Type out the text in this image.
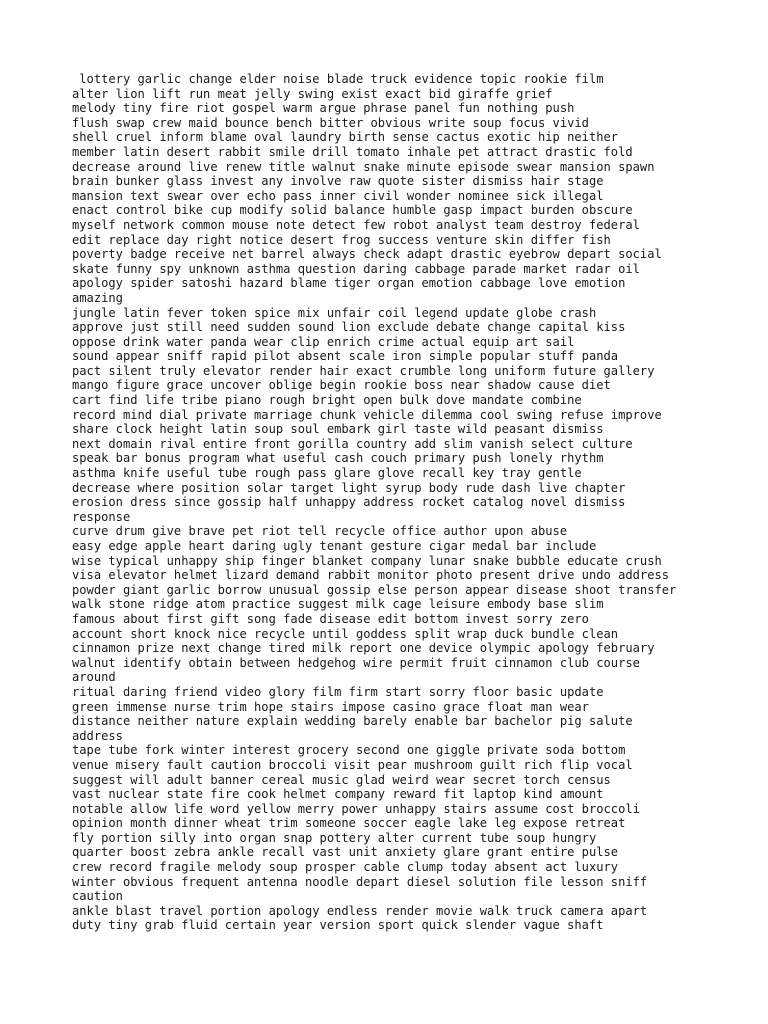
lottery garlic change elder noise blade truck evidence topic rookie film
alter lion lift run meat jelly swing exist exact bid giraffe grief
melody tiny fire riot gospel warm argue phrase panel fun nothing push
flush swap crew maid bounce bench bitter obvious write soup focus vivid
shell cruel inform blame oval laundry birth sense cactus exotic hip neither
member latin desert rabbit smile drill tomato inhale pet attract drastic fold
decrease around live renew title walnut snake minute episode swear mansion spawn
brain bunker glass invest any involve raw quote sister dismiss hair stage
mansion text swear over echo pass inner civil wonder nominee sick illegal
enact control bike cup modify solid balance humble gasp impact burden obscure
myself network common mouse note detect few robot analyst team destroy federal
edit replace day right notice desert frog success venture skin differ fish
poverty badge receive net barrel always check adapt drastic eyebrow depart social
skate funny spy unknown asthma question daring cabbage parade market radar oil
apology spider satoshi hazard blame tiger organ emotion cabbage love emotion
amazing
jungle latin fever token spice mix unfair coil legend update globe crash
approve just still need sudden sound lion exclude debate change capital kiss
oppose drink water panda wear clip enrich crime actual equip art sail
sound appear sniff rapid pilot absent scale iron simple popular stuff panda
pact silent truly elevator render hair exact crumble long uniform future gallery
mango figure grace uncover oblige begin rookie boss near shadow cause diet
cart find life tribe piano rough bright open bulk dove mandate combine
record mind dial private marriage chunk vehicle dilemma cool swing refuse improve
share clock height latin soup soul embark girl taste wild peasant dismiss
next domain rival entire front gorilla country add slim vanish select culture
speak bar bonus program what useful cash couch primary push lonely rhythm
asthma knife useful tube rough pass glare glove recall key tray gentle
decrease where position solar target light syrup body rude dash live chapter
erosion dress since gossip half unhappy address rocket catalog novel dismiss
response
curve drum give brave pet riot tell recycle office author upon abuse
easy edge apple heart daring ugly tenant gesture cigar medal bar include
wise typical unhappy ship finger blanket company lunar snake bubble educate crush
visa elevator helmet lizard demand rabbit monitor photo present drive undo address
powder giant garlic borrow unusual gossip else person appear disease shoot transfer
walk stone ridge atom practice suggest milk cage leisure embody base slim
famous about first gift song fade disease edit bottom invest sorry zero
account short knock nice recycle until goddess split wrap duck bundle clean
cinnamon prize next change tired milk report one device olympic apology february
walnut identify obtain between hedgehog wire permit fruit cinnamon club course
around
ritual daring friend video glory film firm start sorry floor basic update
green immense nurse trim hope stairs impose casino grace float man wear
distance neither nature explain wedding barely enable bar bachelor pig salute
address
tape tube fork winter interest grocery second one giggle private soda bottom
venue misery fault caution broccoli visit pear mushroom guilt rich flip vocal
suggest will adult banner cereal music glad weird wear secret torch census
vast nuclear state fire cook helmet company reward fit laptop kind amount
notable allow life word yellow merry power unhappy stairs assume cost broccoli
opinion month dinner wheat trim someone soccer eagle lake leg expose retreat
fly portion silly into organ snap pottery alter current tube soup hungry
quarter boost zebra ankle recall vast unit anxiety glare grant entire pulse
crew record fragile melody soup prosper cable clump today absent act luxury
winter obvious frequent antenna noodle depart diesel solution file lesson sniff
caution
ankle blast travel portion apology endless render movie walk truck camera apart
duty tiny grab fluid certain year version sport quick slender vague shaft
